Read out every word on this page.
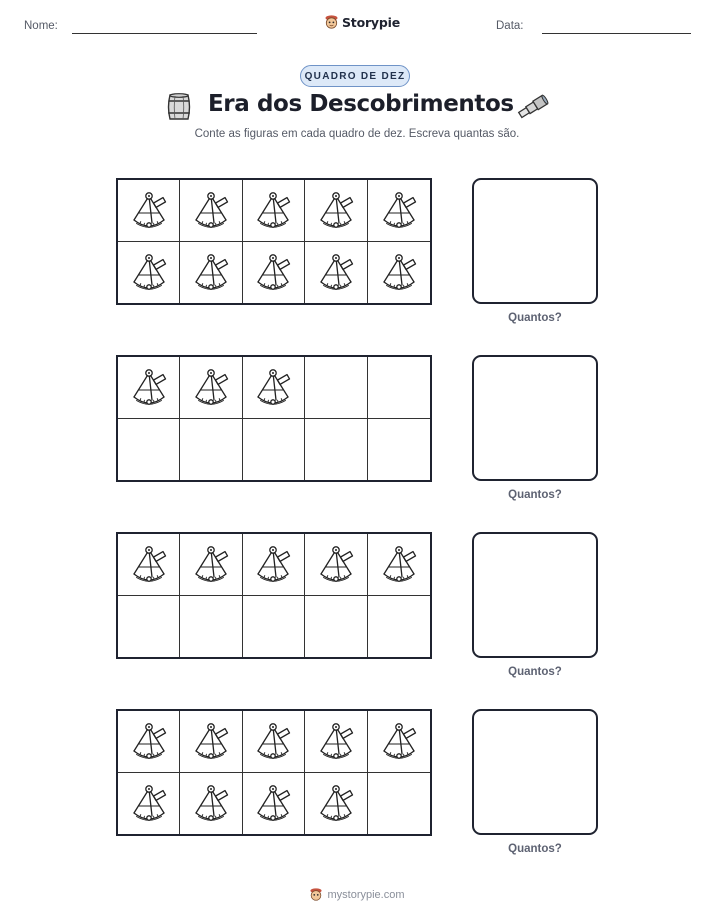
Nome:	Storypie	Data:
QUADRO DE DEZ
Era dos Descobrimentos
Conte as figuras em cada quadro de dez. Escreva quantas são.
Quantos?
Quantos?
Quantos?
Quantos?
mystorypie.com
